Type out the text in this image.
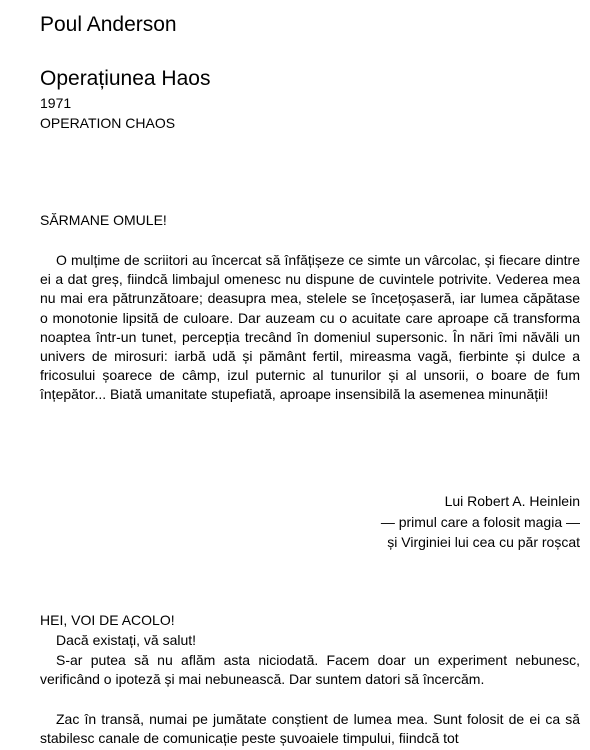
Poul Anderson
Operațiunea Haos
1971
OPERATION CHAOS
SĂRMANE OMULE!

O mulțime de scriitori au încercat să înfățișeze ce simte un vârcolac, și fiecare dintre ei a dat greș, fiindcă limbajul omenesc nu dispune de cuvintele potrivite. Vederea mea nu mai era pătrunzătoare; deasupra mea, stelele se încețoșaseră, iar lumea căpătase o monotonie lipsită de culoare. Dar auzeam cu o acuitate care aproape că transforma noaptea într-un tunet, percepția trecând în domeniul supersonic. În nări îmi năvăli un univers de mirosuri: iarbă udă și pământ fertil, mireasma vagă, fierbinte și dulce a fricosului șoarece de câmp, izul puternic al tunurilor și al unsorii, o boare de fum înțepător... Biată umanitate stupefiată, aproape insensibilă la asemenea minunății!

Lui Robert A. Heinlein
— primul care a folosit magia —
și Virginiei lui cea cu păr roșcat
HEI, VOI DE ACOLO!

Dacă existați, vă salut!

S-ar putea să nu aflăm asta niciodată. Facem doar un experiment nebunesc, verificând o ipoteză și mai nebunească. Dar suntem datori să încercăm.

Zac în transă, numai pe jumătate conștient de lumea mea. Sunt folosit de ei ca să stabilesc canale de comunicație peste șuvoaiele timpului, fiindcă tot
